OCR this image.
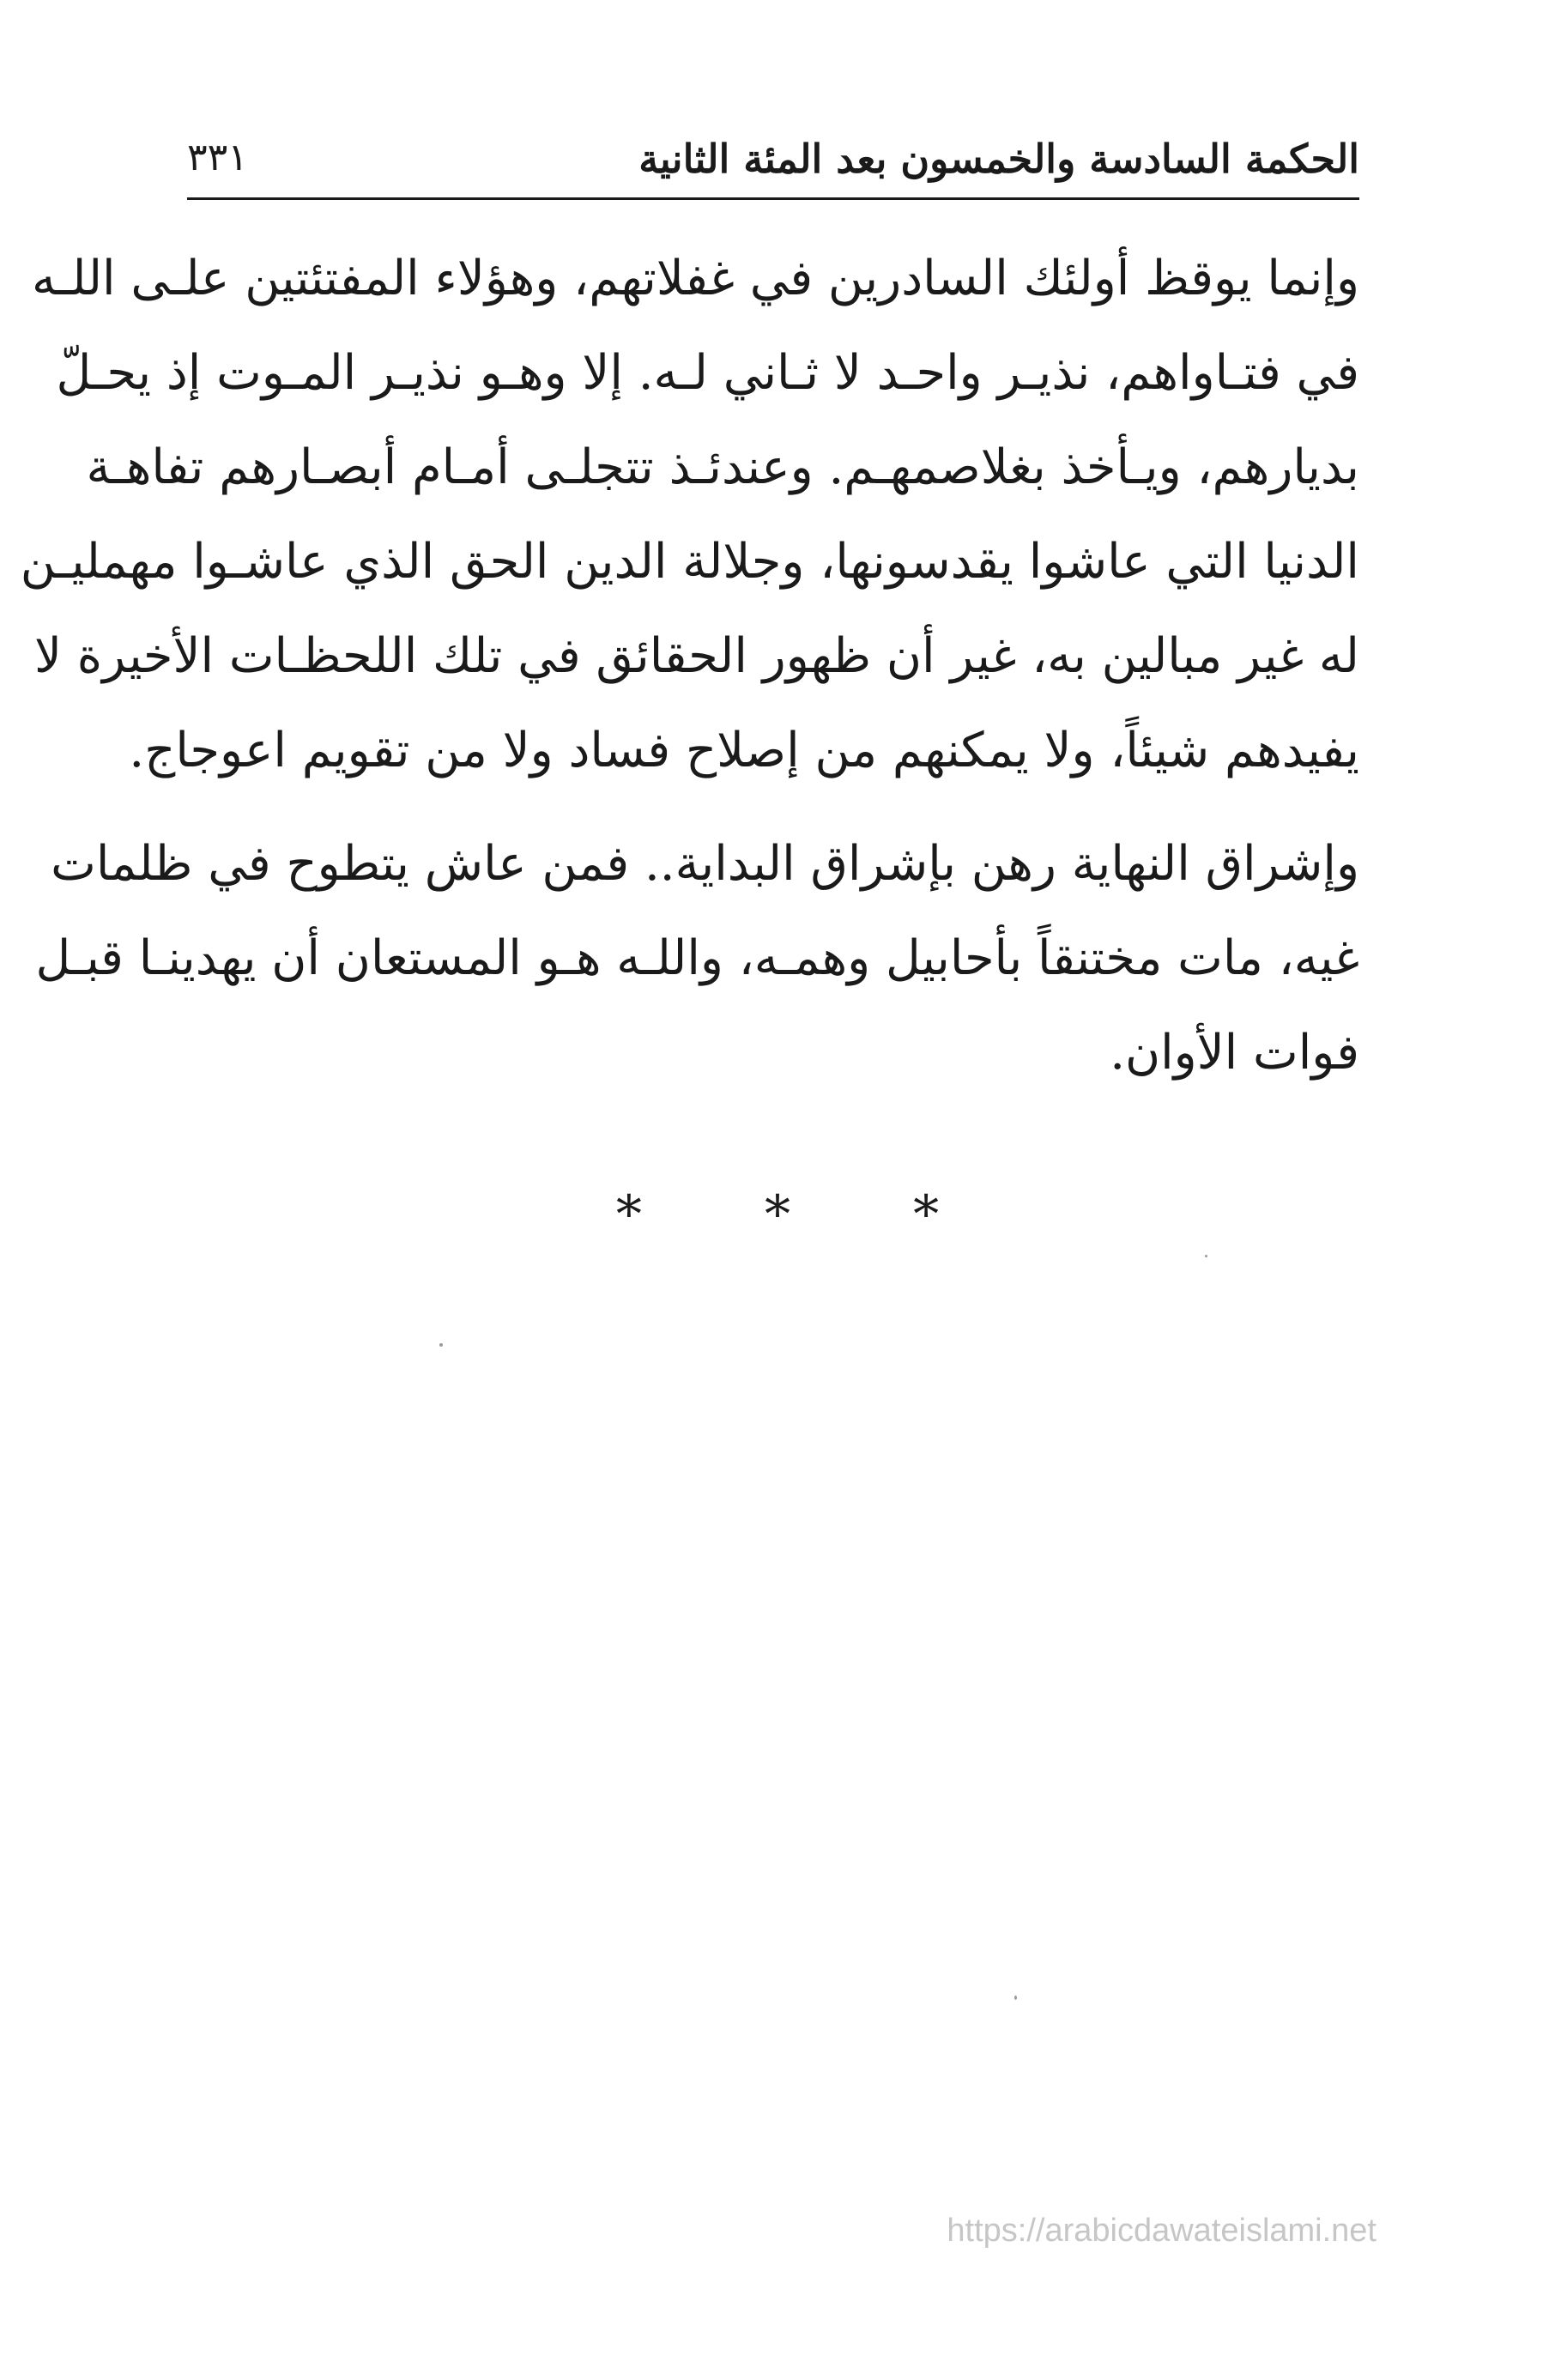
الحكمة السادسة والخمسون بعد المئة الثانية
٣٣١
وإنما يوقظ أولئك السادرين في غفلاتهم، وهؤلاء المفتئتين علـى اللـه
في فتـاواهم، نذيـر واحـد لا ثـاني لـه. إلا وهـو نذيـر المـوت إذ يحـلّ
بديارهم، ويـأخذ بغلاصمهـم. وعندئـذ تتجلـى أمـام أبصـارهم تفاهـة
الدنيا التي عاشوا يقدسونها، وجلالة الدين الحق الذي عاشـوا مهمليـن
له غير مبالين به، غير أن ظهور الحقائق في تلك اللحظـات الأخيرة لا
يفيدهم شيئاً، ولا يمكنهم من إصلاح فساد ولا من تقويم اعوجاج.
وإشراق النهاية رهن بإشراق البداية.. فمن عاش يتطوح في ظلمات
غيه، مات مختنقاً بأحابيل وهمـه، واللـه هـو المستعان أن يهدينـا قبـل
فوات الأوان.
* * *
https://arabicdawateislami.net
